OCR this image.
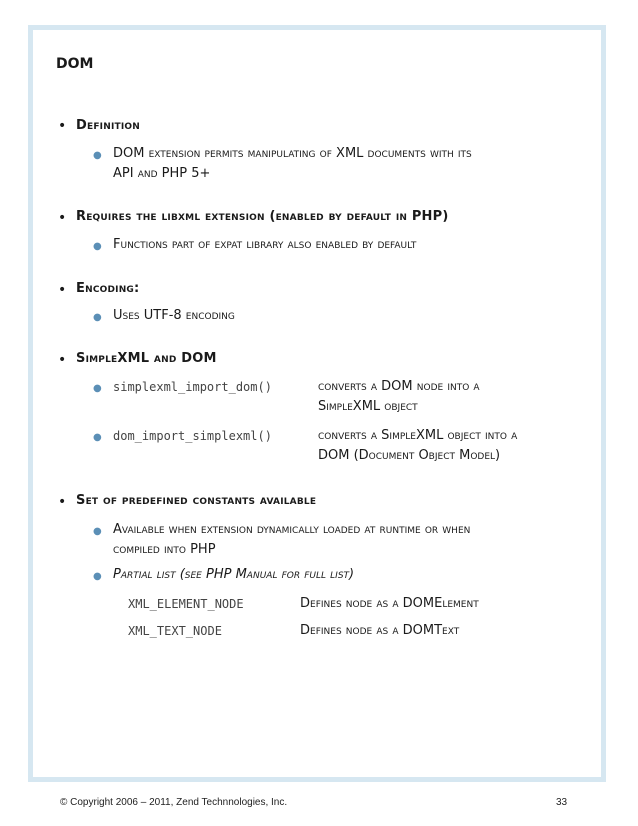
DOM
• Definition
● DOM extension permits manipulating of XML documents with its
API and PHP 5+
• Requires the libxml extension (enabled by default in PHP)
● Functions part of expat library also enabled by default
• Encoding:
● Uses UTF-8 encoding
• SimpleXML and DOM
● simplexml_import_dom()	converts a DOM node into a
SimpleXML object
● dom_import_simplexml()	converts a SimpleXML object into a
DOM (Document Object Model)
• Set of predefined constants available
● Available when extension dynamically loaded at runtime or when
compiled into PHP
● Partial list (see PHP Manual for full list)
XML_ELEMENT_NODE	Defines node as a DOMElement
XML_TEXT_NODE	Defines node as a DOMText
© Copyright 2006 – 2011, Zend Technnologies, Inc.	33
